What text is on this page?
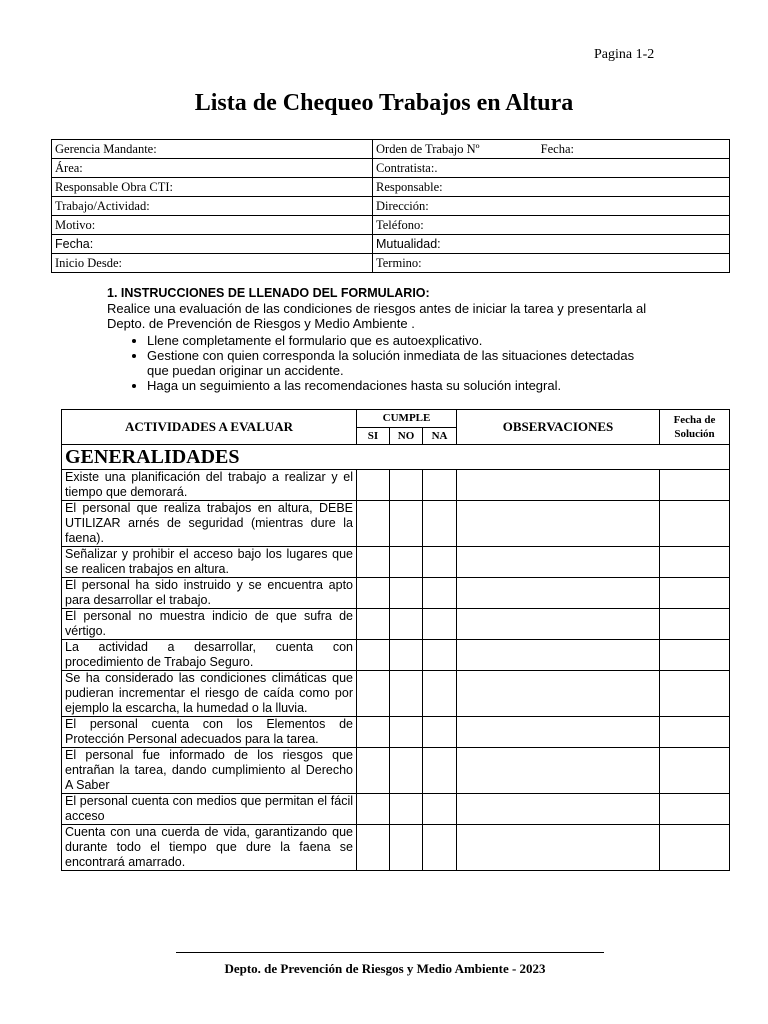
Pagina 1-2
Lista de Chequeo Trabajos en Altura
Gerencia Mandante:	Orden de Trabajo Nº Fecha:
Área:	Contratista:.
Responsable Obra CTI:	Responsable:
Trabajo/Actividad:	Dirección:
Motivo:	Teléfono:
Fecha:	Mutualidad:
Inicio Desde:	Termino:
1. INSTRUCCIONES DE LLENADO DEL FORMULARIO:
Realice una evaluación de las condiciones de riesgos antes de iniciar la tarea y presentarla al Depto. de Prevención de Riesgos y Medio Ambiente .
• Llene completamente el formulario que es autoexplicativo.
• Gestione con quien corresponda la solución inmediata de las situaciones detectadas que puedan originar un accidente.
• Haga un seguimiento a las recomendaciones hasta su solución integral.
ACTIVIDADES A EVALUAR	CUMPLE			OBSERVACIONES	Fecha de Solución
	SI	NO	NA		
GENERALIDADES					
Existe una planificación del trabajo a realizar y el tiempo que demorará.					
El personal que realiza trabajos en altura, DEBE UTILIZAR arnés de seguridad (mientras dure la faena).					
Señalizar y prohibir el acceso bajo los lugares que se realicen trabajos en altura.					
El personal ha sido instruido y se encuentra apto para desarrollar el trabajo.					
El personal no muestra indicio de que sufra de vértigo.					
La actividad a desarrollar, cuenta con procedimiento de Trabajo Seguro.					
Se ha considerado las condiciones climáticas que pudieran incrementar el riesgo de caída como por ejemplo la escarcha, la humedad o la lluvia.					
El personal cuenta con los Elementos de Protección Personal adecuados para la tarea.					
El personal fue informado de los riesgos que entrañan la tarea, dando cumplimiento al Derecho A Saber					
El personal cuenta con medios que permitan el fácil acceso					
Cuenta con una cuerda de vida, garantizando que durante todo el tiempo que dure la faena se encontrará amarrado.					
Depto. de Prevención de Riesgos y Medio Ambiente - 2023
